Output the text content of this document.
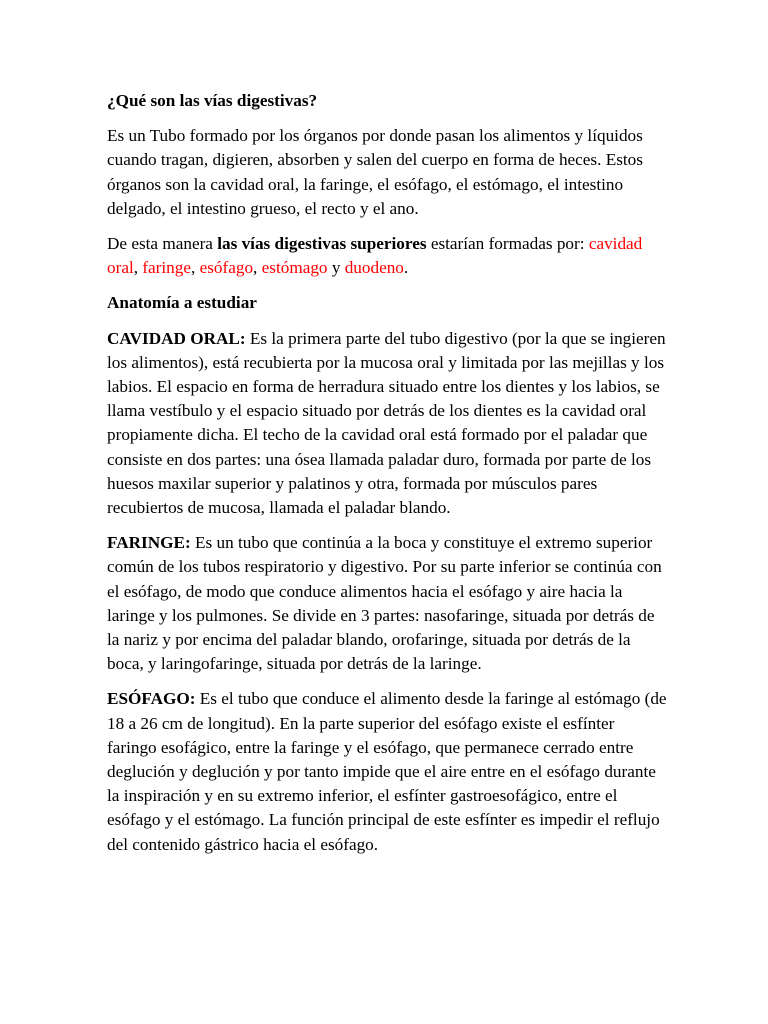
¿Qué son las vías digestivas?

Es un Tubo formado por los órganos por donde pasan los alimentos y líquidos cuando tragan, digieren, absorben y salen del cuerpo en forma de heces. Estos órganos son la cavidad oral, la faringe, el esófago, el estómago, el intestino delgado, el intestino grueso, el recto y el ano.

De esta manera las vías digestivas superiores estarían formadas por: cavidad oral, faringe, esófago, estómago y duodeno.

Anatomía a estudiar

CAVIDAD ORAL: Es la primera parte del tubo digestivo (por la que se ingieren los alimentos), está recubierta por la mucosa oral y limitada por las mejillas y los labios. El espacio en forma de herradura situado entre los dientes y los labios, se llama vestíbulo y el espacio situado por detrás de los dientes es la cavidad oral propiamente dicha. El techo de la cavidad oral está formado por el paladar que consiste en dos partes: una ósea llamada paladar duro, formada por parte de los huesos maxilar superior y palatinos y otra, formada por músculos pares recubiertos de mucosa, llamada el paladar blando.

FARINGE: Es un tubo que continúa a la boca y constituye el extremo superior común de los tubos respiratorio y digestivo. Por su parte inferior se continúa con el esófago, de modo que conduce alimentos hacia el esófago y aire hacia la laringe y los pulmones. Se divide en 3 partes: nasofaringe, situada por detrás de la nariz y por encima del paladar blando, orofaringe, situada por detrás de la boca, y laringofaringe, situada por detrás de la laringe.

ESÓFAGO: Es el tubo que conduce el alimento desde la faringe al estómago (de 18 a 26 cm de longitud). En la parte superior del esófago existe el esfínter faringo esofágico, entre la faringe y el esófago, que permanece cerrado entre deglución y deglución y por tanto impide que el aire entre en el esófago durante la inspiración y en su extremo inferior, el esfínter gastroesofágico, entre el esófago y el estómago. La función principal de este esfínter es impedir el reflujo del contenido gástrico hacia el esófago.
